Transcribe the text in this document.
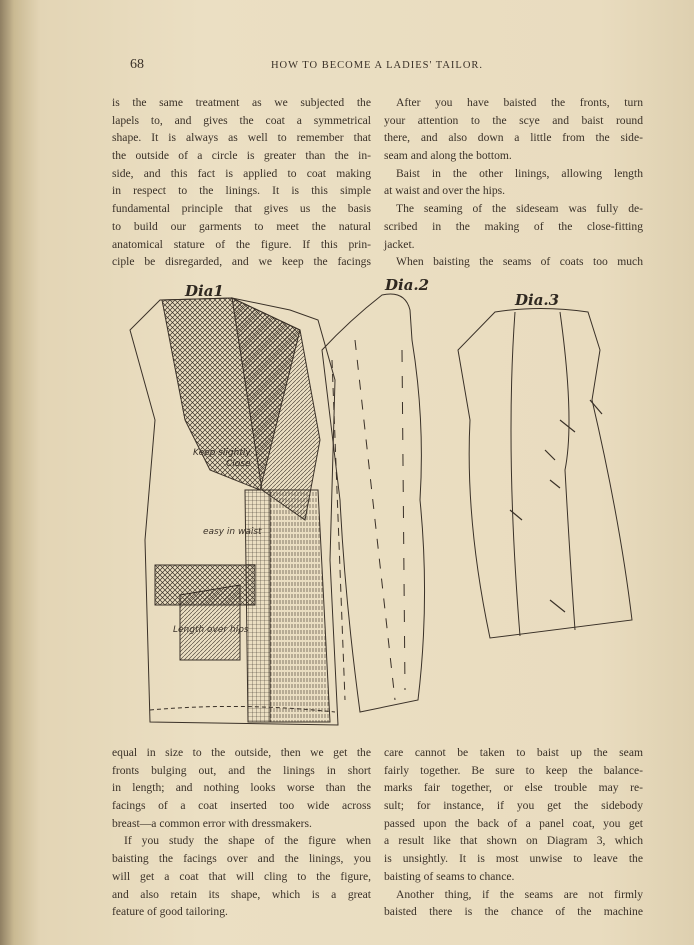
68	HOW TO BECOME A LADIES' TAILOR.
is the same treatment as we subjected the
lapels to, and gives the coat a symmetrical
shape. It is always as well to remember that
the outside of a circle is greater than the in-
side, and this fact is applied to coat making
in respect to the linings. It is this simple
fundamental principle that gives us the basis
to build our garments to meet the natural
anatomical stature of the figure. If this prin-
ciple be disregarded, and we keep the facings
After you have baisted the fronts, turn
your attention to the scye and baist round
there, and also down a little from the side-
seam and along the bottom.
Baist in the other linings, allowing length
at waist and over the hips.
The seaming of the sideseam was fully de-
scribed in the making of the close-fitting
jacket.
When baisting the seams of coats too much
equal in size to the outside, then we get the
fronts bulging out, and the linings in short
in length; and nothing looks worse than the
facings of a coat inserted too wide across
breast—a common error with dressmakers.
If you study the shape of the figure when
baisting the facings over and the linings, you
will get a coat that will cling to the figure,
and also retain its shape, which is a great
feature of good tailoring.
care cannot be taken to baist up the seam
fairly together. Be sure to keep the balance-
marks fair together, or else trouble may re-
sult; for instance, if you get the sidebody
passed upon the back of a panel coat, you get
a result like that shown on Diagram 3, which
is unsightly. It is most unwise to leave the
baisting of seams to chance.
Another thing, if the seams are not firmly
baisted there is the chance of the machine
Dia1	Dia.2
Dia.3
Keep slightly
Close
easy in waist
Length over hips
